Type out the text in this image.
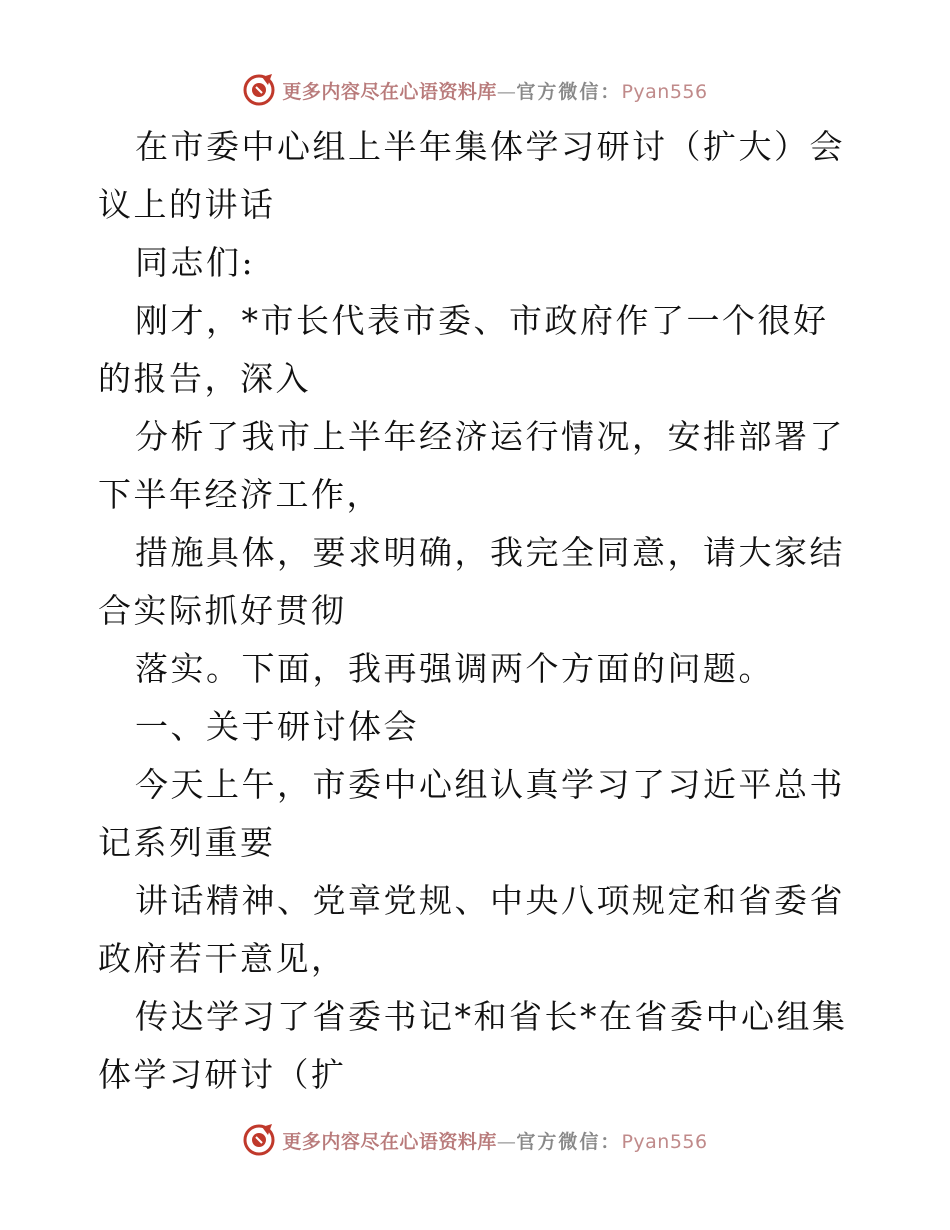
更多内容尽在心语资料库—官方微信：Pyan556

在市委中心组上半年集体学习研讨（扩大）会议上的讲话

同志们:

刚才，*市长代表市委、市政府作了一个很好的报告，深入

分析了我市上半年经济运行情况，安排部署了下半年经济工作，

措施具体，要求明确，我完全同意，请大家结合实际抓好贯彻

落实。下面，我再强调两个方面的问题。

一、关于研讨体会

今天上午，市委中心组认真学习了习近平总书记系列重要

讲话精神、党章党规、中央八项规定和省委省政府若干意见，

传达学习了省委书记*和省长*在省委中心组集体学习研讨（扩

更多内容尽在心语资料库—官方微信：Pyan556
